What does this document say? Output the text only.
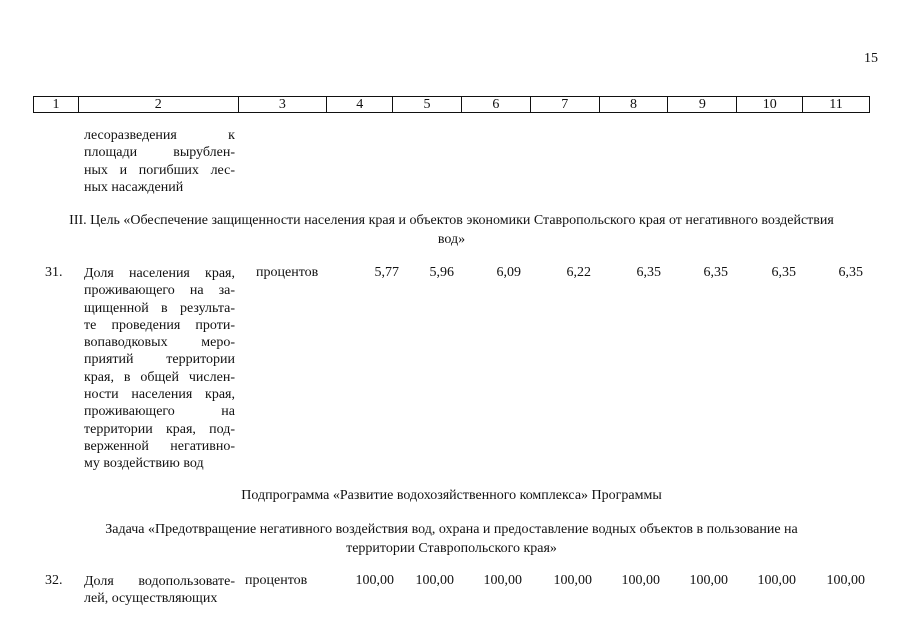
15
1	2	3	4	5	6	7	8	9	10	11
лесоразведения к
площади вырублен-
ных и погибших лес-
ных насаждений
III. Цель «Обеспечение защищенности населения края и объектов экономики Ставропольского края от негативного воздействия
вод»
31.	Доля населения края,
проживающего на за-
щищенной в результа-
те проведения проти-
вопаводковых меро-
приятий территории
края, в общей числен-
ности населения края,
проживающего на
территории края, под-
верженной негативно-
му воздействию вод
процентов	5,77	5,96	6,09	6,22	6,35	6,35	6,35	6,35
Подпрограмма «Развитие водохозяйственного комплекса» Программы
Задача «Предотвращение негативного воздействия вод, охрана и предоставление водных объектов в пользование на
территории Ставропольского края»
32.	Доля водопользовате-
лей, осуществляющих
процентов	100,00	100,00	100,00	100,00	100,00	100,00	100,00	100,00
